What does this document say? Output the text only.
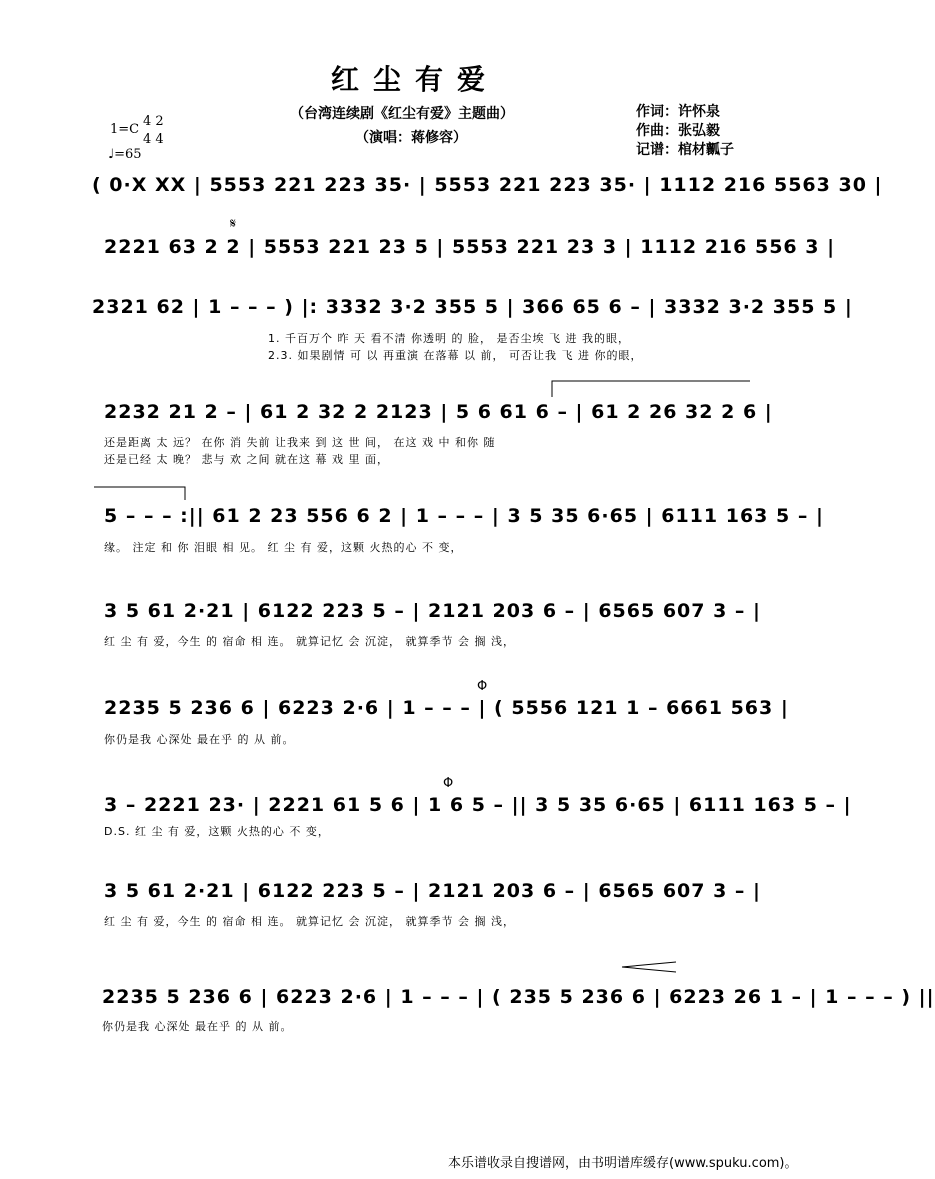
红尘有爱
（台湾连续剧《红尘有爱》主题曲）
（演唱：蒋修容）
作词：许怀泉
作曲：张弘毅
记谱：棺材瓤子
1=C
4 2
4 4
♩=65
( 0·X XX | 5553 221 223 35· | 5553 221 223 35· | 1112 216 5563 30 |
2221 63 2 2 | 5553 221 23 5 | 5553 221 23 3 | 1112 216 556 3 |
2321 62 | 1 – – – ) |: 3332 3·2 355 5 | 366 65 6 – | 3332 3·2 355 5 |
1. 千百万个 昨 天 看不清 你透明 的 脸， 是否尘埃 飞 进 我的眼，
2.3. 如果剧情 可 以 再重演 在落幕 以 前， 可否让我 飞 进 你的眼，
2232 21 2 – | 61 2 32 2 2123 | 5 6 61 6 – | 61 2 26 32 2 6 |
还是距离 太 远？ 在你 消 失前 让我来 到 这 世 间， 在这 戏 中 和你 随
还是已经 太 晚？ 悲与 欢 之间 就在这 幕 戏 里 面，
5 – – – :|| 61 2 23 556 6 2 | 1 – – – | 3 5 35 6·65 | 6111 163 5 – |
缘。 注定 和 你 泪眼 相 见。 红 尘 有 爱，这颗 火热的心 不 变，
3 5 61 2·21 | 6122 223 5 – | 2121 203 6 – | 6565 607 3 – |
红 尘 有 爱，今生 的 宿命 相 连。 就算记忆 会 沉淀， 就算季节 会 搁 浅，
2235 5 236 6 | 6223 2·6 | 1 – – – | ( 5556 121 1 – 6661 563 |
你仍是我 心深处 最在乎 的 从 前。
3 – 2221 23· | 2221 61 5 6 | 1 6 5 – || 3 5 35 6·65 | 6111 163 5 – |
D.S. 红 尘 有 爱，这颗 火热的心 不 变，
3 5 61 2·21 | 6122 223 5 – | 2121 203 6 – | 6565 607 3 – |
红 尘 有 爱，今生 的 宿命 相 连。 就算记忆 会 沉淀， 就算季节 会 搁 浅，
2235 5 236 6 | 6223 2·6 | 1 – – – | ( 235 5 236 6 | 6223 26 1 – | 1 – – – ) ||
你仍是我 心深处 最在乎 的 从 前。
𝄋
Φ
Φ
本乐谱收录自搜谱网，由书明谱库缓存(www.spuku.com)。
